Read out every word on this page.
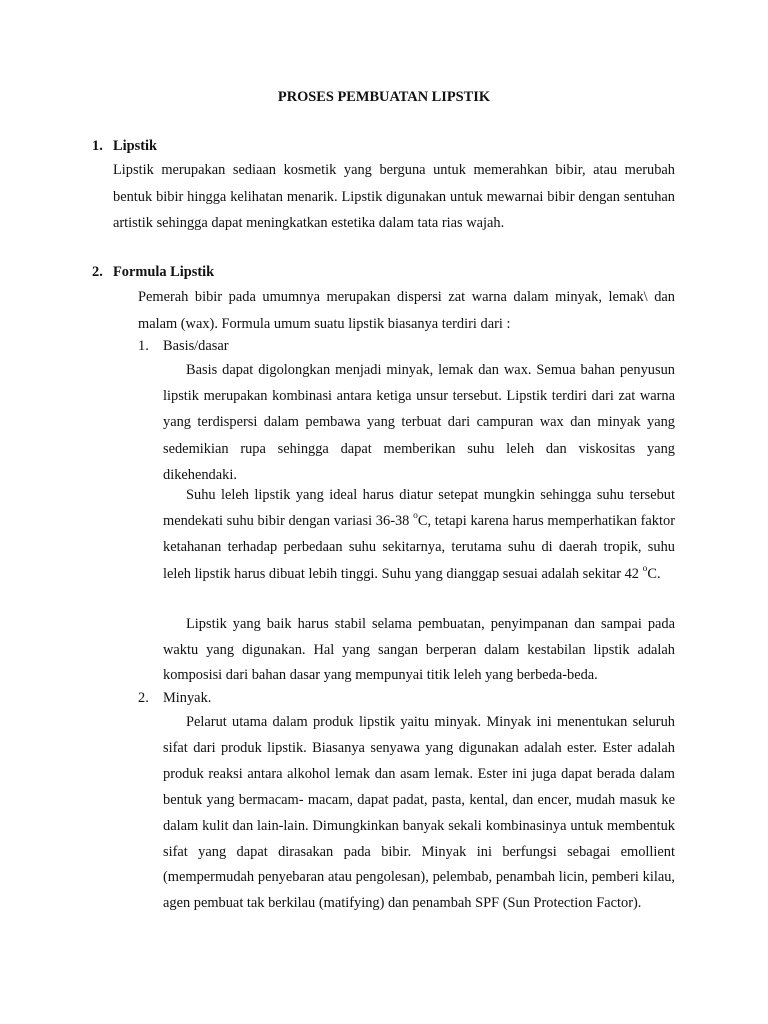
PROSES PEMBUATAN LIPSTIK
1. Lipstik

Lipstik merupakan sediaan kosmetik yang berguna untuk memerahkan bibir, atau merubah bentuk bibir hingga kelihatan menarik. Lipstik digunakan untuk mewarnai bibir dengan sentuhan artistik sehingga dapat meningkatkan estetika dalam tata rias wajah.

2. Formula Lipstik

Pemerah bibir pada umumnya merupakan dispersi zat warna dalam minyak, lemak\ dan malam (wax). Formula umum suatu lipstik biasanya terdiri dari :

1. Basis/dasar

Basis dapat digolongkan menjadi minyak, lemak dan wax. Semua bahan penyusun lipstik merupakan kombinasi antara ketiga unsur tersebut. Lipstik terdiri dari zat warna yang terdispersi dalam pembawa yang terbuat dari campuran wax dan minyak yang sedemikian rupa sehingga dapat memberikan suhu leleh dan viskositas yang dikehendaki.

Suhu leleh lipstik yang ideal harus diatur setepat mungkin sehingga suhu tersebut mendekati suhu bibir dengan variasi 36-38 $^o$C, tetapi karena harus memperhatikan faktor ketahanan terhadap perbedaan suhu sekitarnya, terutama suhu di daerah tropik, suhu leleh lipstik harus dibuat lebih tinggi. Suhu yang dianggap sesuai adalah sekitar 42 $^o$C.

Lipstik yang baik harus stabil selama pembuatan, penyimpanan dan sampai pada waktu yang digunakan. Hal yang sangan berperan dalam kestabilan lipstik adalah komposisi dari bahan dasar yang mempunyai titik leleh yang berbeda-beda.

2. Minyak.

Pelarut utama dalam produk lipstik yaitu minyak. Minyak ini menentukan seluruh sifat dari produk lipstik. Biasanya senyawa yang digunakan adalah ester. Ester adalah produk reaksi antara alkohol lemak dan asam lemak. Ester ini juga dapat berada dalam bentuk yang bermacam- macam, dapat padat, pasta, kental, dan encer, mudah masuk ke dalam kulit dan lain-lain. Dimungkinkan banyak sekali kombinasinya untuk membentuk sifat yang dapat dirasakan pada bibir. Minyak ini berfungsi sebagai emollient (mempermudah penyebaran atau pengolesan), pelembab, penambah licin, pemberi kilau, agen pembuat tak berkilau (matifying) dan penambah SPF (Sun Protection Factor).
